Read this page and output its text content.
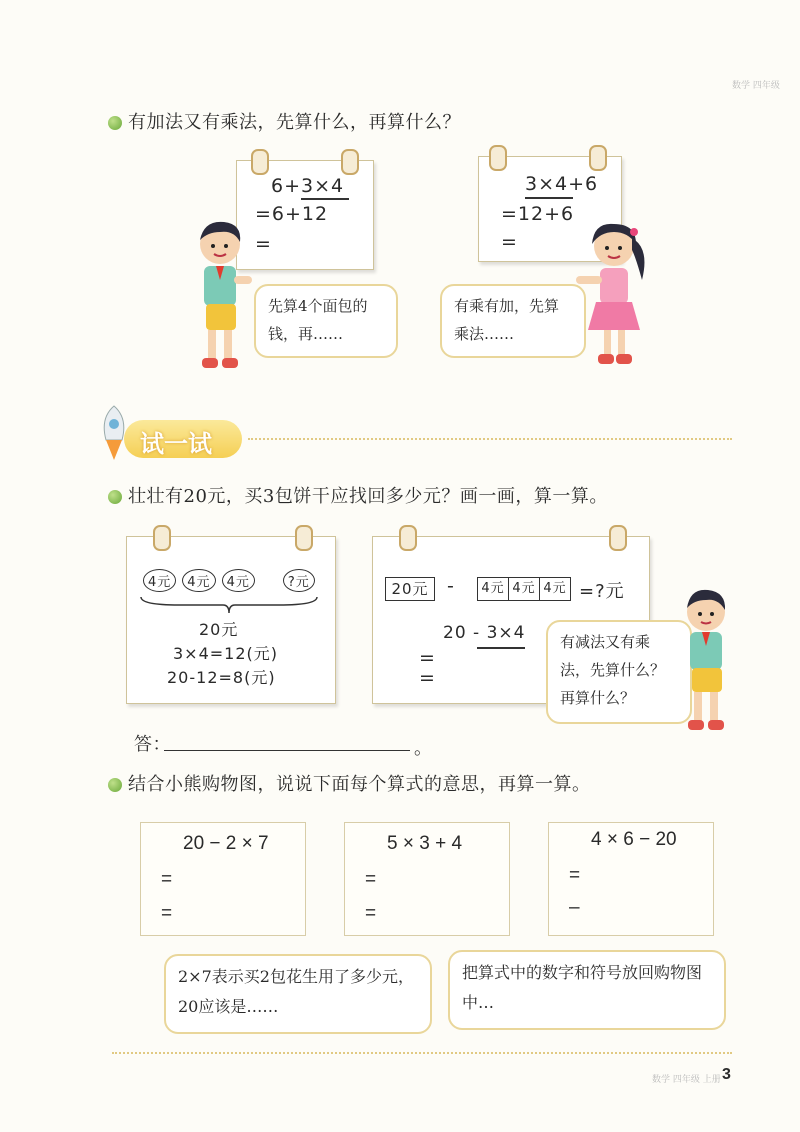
数学 四年级
有加法又有乘法，先算什么，再算什么？
6+3×4
=6+12
=
3×4+6
=12+6
=
先算4个面包的钱，再……
有乘有加，先算乘法……
试一试
壮壮有20元，买3包饼干应找回多少元？画一画，算一算。
4元	4元	4元	?元
20元
3×4=12(元)
20-12=8(元)
20元 - 4元 4元 4元 =?元
20 - 3×4
=
=
有减法又有乘法，先算什么？再算什么？
答：	。
结合小熊购物图，说说下面每个算式的意思，再算一算。
20 − 2 × 7
=
=
5 × 3 + 4
=
=
4 × 6 − 20
=
–
2×7表示买2包花生用了多少元，20应该是……
把算式中的数字和符号放回购物图中…
数学 四年级 上册 3
